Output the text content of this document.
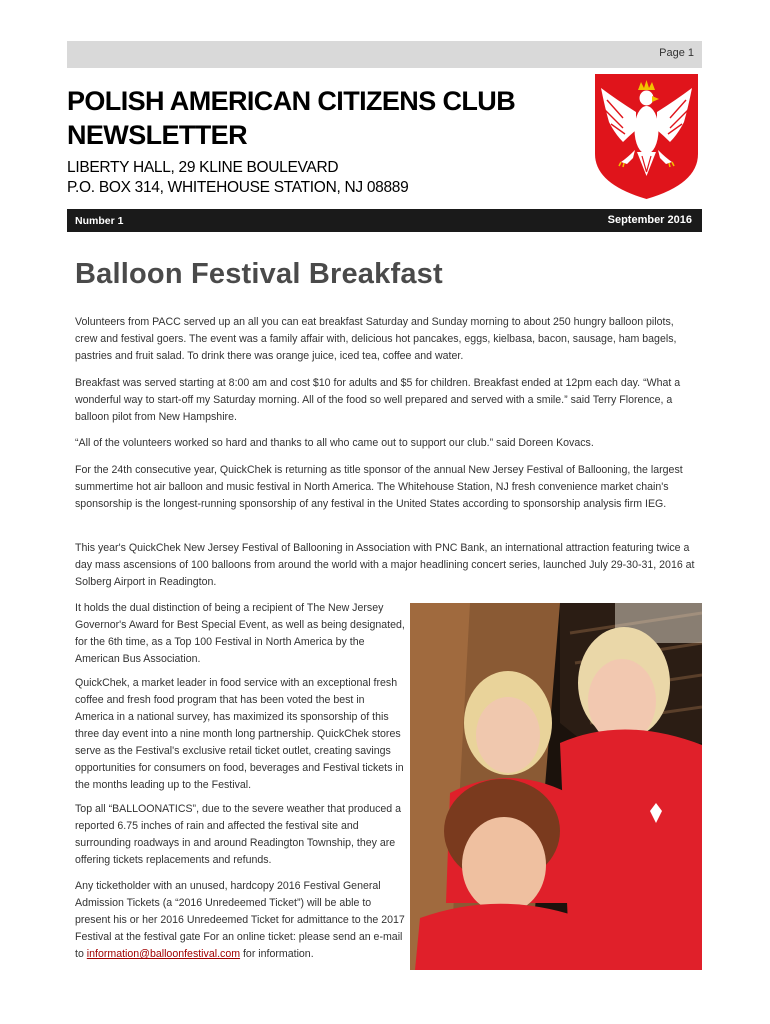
Page 1
POLISH AMERICAN CITIZENS CLUB NEWSLETTER
LIBERTY HALL, 29 KLINE BOULEVARD
P.O. BOX 314, WHITEHOUSE STATION, NJ 08889
Number 1	September 2016
Balloon Festival Breakfast

Volunteers from PACC served up an all you can eat breakfast Saturday and Sunday morning to about 250 hungry balloon pilots, crew and festival goers. The event was a family affair with, delicious hot pancakes, eggs, kielbasa, bacon, sausage, ham bagels, pastries and fruit salad. To drink there was orange juice, iced tea, coffee and water.

Breakfast was served starting at 8:00 am and cost $10 for adults and $5 for children. Breakfast ended at 12pm each day. “What a wonderful way to start-off my Saturday morning. All of the food so well prepared and served with a smile.” said Terry Florence, a balloon pilot from New Hampshire.

“All of the volunteers worked so hard and thanks to all who came out to support our club.” said Doreen Kovacs.

For the 24th consecutive year, QuickChek is returning as title sponsor of the annual New Jersey Festival of Ballooning, the largest summertime hot air balloon and music festival in North America. The Whitehouse Station, NJ fresh convenience market chain's sponsorship is the longest-running sponsorship of any festival in the United States according to sponsorship analysis firm IEG.

This year's QuickChek New Jersey Festival of Ballooning in Association with PNC Bank, an international attraction featuring twice a day mass ascensions of 100 balloons from around the world with a major headlining concert series, launched July 29-30-31, 2016 at Solberg Airport in Readington.

It holds the dual distinction of being a recipient of The New Jersey Governor's Award for Best Special Event, as well as being designated, for the 6th time, as a Top 100 Festival in North America by the American Bus Association.

QuickChek, a market leader in food service with an exceptional fresh coffee and fresh food program that has been voted the best in America in a national survey, has maximized its sponsorship of this three day event into a nine month long partnership. QuickChek stores serve as the Festival's exclusive retail ticket outlet, creating savings opportunities for consumers on food, beverages and Festival tickets in the months leading up to the Festival.

Top all “BALLOONATICS”, due to the severe weather that produced a reported 6.75 inches of rain and affected the festival site and surrounding roadways in and around Readington Township, they are offering tickets replacements and refunds.

Any ticketholder with an unused, hardcopy 2016 Festival General Admission Tickets (a “2016 Unredeemed Ticket”) will be able to present his or her 2016 Unredeemed Ticket for admittance to the 2017 Festival at the festival gate For an online ticket: please send an e-mail to information@balloonfestival.com for information.
